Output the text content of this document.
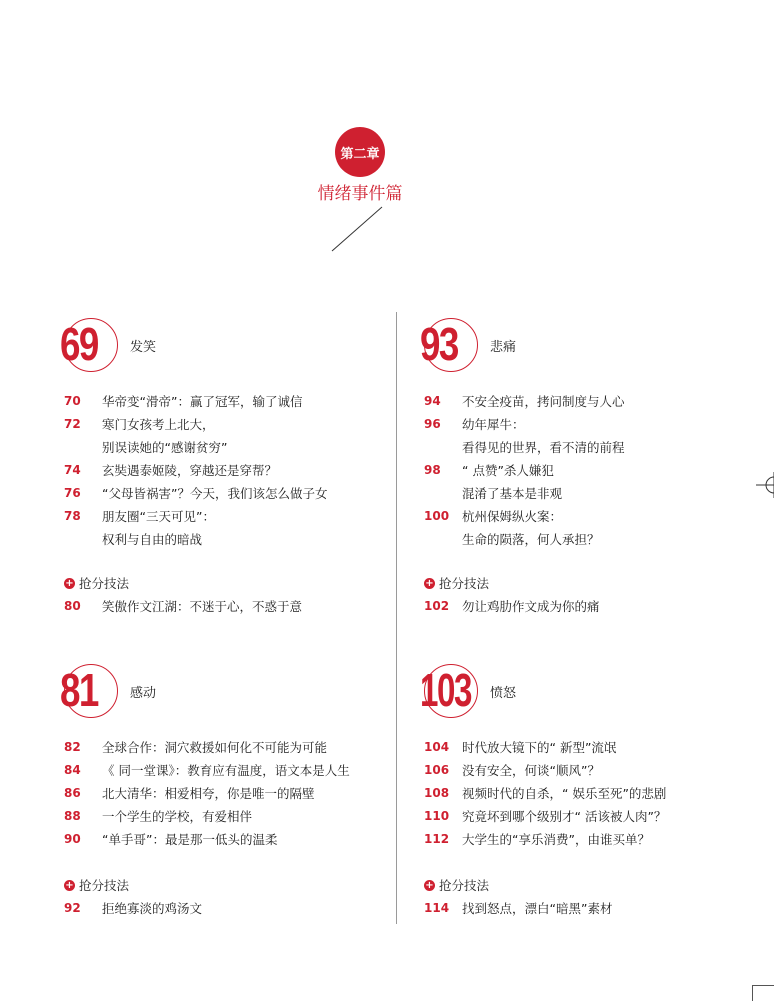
第二章
情绪事件篇
69 发笑
70	华帝变“滑帝”：赢了冠军，输了诚信
72	寒门女孩考上北大，
别误读她的“感谢贫穷”
74	玄奘遇泰姬陵，穿越还是穿帮？
76	“父母皆祸害”？今天，我们该怎么做子女
78	朋友圈“三天可见”：
权利与自由的暗战
+ 抢分技法
80	笑傲作文江湖：不迷于心，不惑于意
93 悲痛
94	不安全疫苗，拷问制度与人心
96	幼年犀牛：
看得见的世界，看不清的前程
98	“ 点赞”杀人嫌犯
混淆了基本是非观
100	杭州保姆纵火案：
生命的陨落，何人承担？
+ 抢分技法
102	勿让鸡肋作文成为你的痛
81 感动
82	全球合作：洞穴救援如何化不可能为可能
84	《 同一堂课》：教育应有温度，语文本是人生
86	北大清华：相爱相夸，你是唯一的隔壁
88	一个学生的学校，有爱相伴
90	“单手哥”：最是那一低头的温柔
+ 抢分技法
92	拒绝寡淡的鸡汤文
103 愤怒
104	时代放大镜下的“ 新型”流氓
106	没有安全，何谈“顺风”？
108	视频时代的自杀，“ 娱乐至死”的悲剧
110	究竟坏到哪个级别才“ 活该被人肉”？
112	大学生的“享乐消费”，由谁买单？
+ 抢分技法
114	找到怒点，漂白“暗黑”素材
